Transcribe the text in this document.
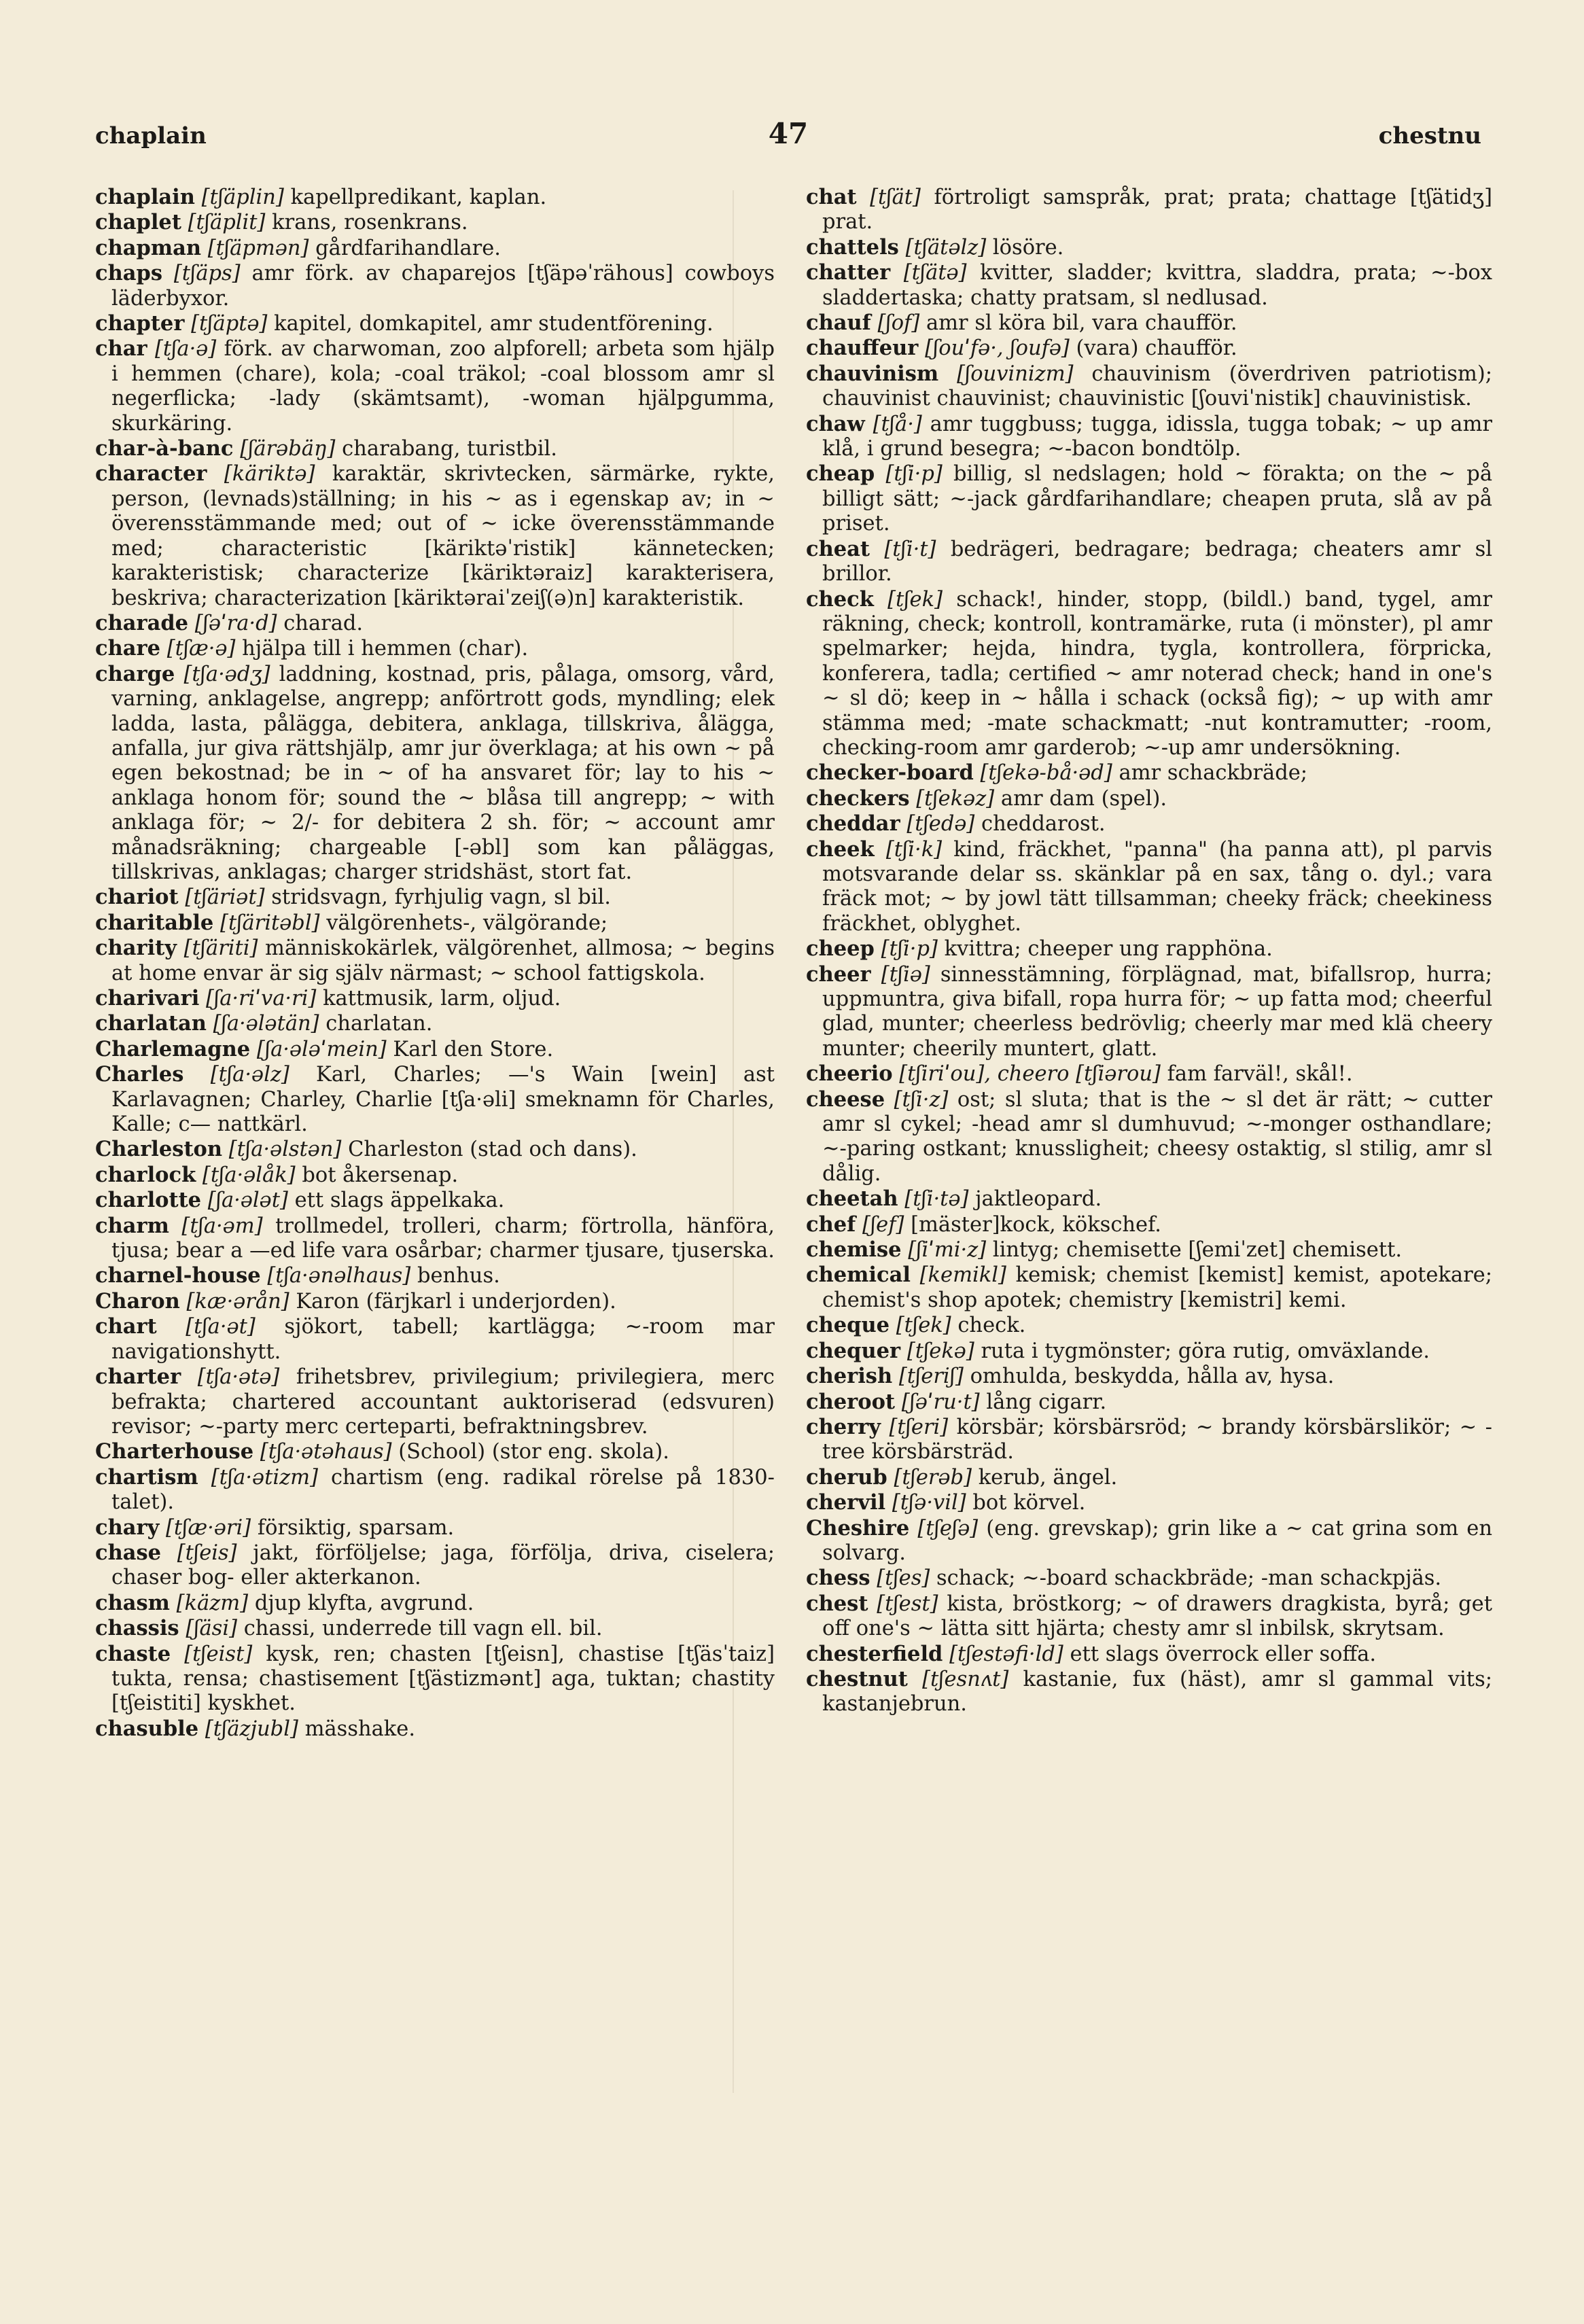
chaplain	47	chestnu

chaplain [tʃäplin] kapellpredikant, kaplan.

chaplet [tʃäplit] krans, rosenkrans.

chapman [tʃäpmən] gårdfarihandlare.

chaps [tʃäps] amr förk. av chaparejos [tʃäpəˈrähous] cowboys läderbyxor.

chapter [tʃäptə] kapitel, domkapitel, amr studentförening.

char [tʃa·ə] förk. av charwoman, zoo alpforell; arbeta som hjälp i hemmen (chare), kola; -coal träkol; -coal blossom amr sl negerflicka; -lady (skämtsamt), -woman hjälpgumma, skurkäring.

char-à-banc [ʃärəbäŋ] charabang, turistbil.

character [käriktə] karaktär, skrivtecken, särmärke, rykte, person, (levnads)ställning; in his ~ as i egenskap av; in ~ överensstämmande med; out of ~ icke överensstämmande med; characteristic [käriktəˈristik] kännetecken; karakteristisk; characterize [käriktəraiz] karakterisera, beskriva; characterization [käriktəraiˈzeiʃ(ə)n] karakteristik.

charade [ʃəˈra·d] charad.

chare [tʃæ·ə] hjälpa till i hemmen (char).

charge [tʃa·ədʒ] laddning, kostnad, pris, pålaga, omsorg, vård, varning, anklagelse, angrepp; anförtrott gods, myndling; elek ladda, lasta, pålägga, debitera, anklaga, tillskriva, ålägga, anfalla, jur giva rättshjälp, amr jur överklaga; at his own ~ på egen bekostnad; be in ~ of ha ansvaret för; lay to his ~ anklaga honom för; sound the ~ blåsa till angrepp; ~ with anklaga för; ~ 2/- for debitera 2 sh. för; ~ account amr månadsräkning; chargeable [-əbl] som kan påläggas, tillskrivas, anklagas; charger stridshäst, stort fat.

chariot [tʃäriət] stridsvagn, fyrhjulig vagn, sl bil.

charitable [tʃäritəbl] välgörenhets-, välgörande;

charity [tʃäriti] människokärlek, välgörenhet, allmosa; ~ begins at home envar är sig själv närmast; ~ school fattigskola.

charivari [ʃa·riˈva·ri] kattmusik, larm, oljud.

charlatan [ʃa·ələtän] charlatan.

Charlemagne [ʃa·ələˈmein] Karl den Store.

Charles [tʃa·əlz] Karl, Charles; —'s Wain [wein] ast Karlavagnen; Charley, Charlie [tʃa·əli] smeknamn för Charles, Kalle; c— nattkärl.

Charleston [tʃa·əlstən] Charleston (stad och dans).

charlock [tʃa·əlåk] bot åkersenap.

charlotte [ʃa·ələt] ett slags äppelkaka.

charm [tʃa·əm] trollmedel, trolleri, charm; förtrolla, hänföra, tjusa; bear a —ed life vara osårbar; charmer tjusare, tjuserska.

charnel-house [tʃa·ənəlhaus] benhus.

Charon [kæ·ərån] Karon (färjkarl i underjorden).

chart [tʃa·ət] sjökort, tabell; kartlägga; ~-room mar navigationshytt.

charter [tʃa·ətə] frihetsbrev, privilegium; privilegiera, merc befrakta; chartered accountant auktoriserad (edsvuren) revisor; ~-party merc certeparti, befraktningsbrev.

Charterhouse [tʃa·ətəhaus] (School) (stor eng. skola).

chartism [tʃa·ətizm] chartism (eng. radikal rörelse på 1830-talet).

chary [tʃæ·əri] försiktig, sparsam.

chase [tʃeis] jakt, förföljelse; jaga, förfölja, driva, ciselera; chaser bog- eller akterkanon.

chasm [käzm] djup klyfta, avgrund.

chassis [ʃäsi] chassi, underrede till vagn ell. bil.

chaste [tʃeist] kysk, ren; chasten [tʃeisn], chastise [tʃäsˈtaiz] tukta, rensa; chastisement [tʃästizmənt] aga, tuktan; chastity [tʃeistiti] kyskhet.

chasuble [tʃäzjubl] mässhake.

chat [tʃät] förtroligt samspråk, prat; prata; chattage [tʃätidʒ] prat.

chattels [tʃätəlz] lösöre.

chatter [tʃätə] kvitter, sladder; kvittra, sladdra, prata; ~-box sladdertaska; chatty pratsam, sl nedlusad.

chauf [ʃof] amr sl köra bil, vara chaufför.

chauffeur [ʃouˈfə·, ʃoufə] (vara) chaufför.

chauvinism [ʃouvinizm] chauvinism (överdriven patriotism); chauvinist chauvinist; chauvinistic [ʃouviˈnistik] chauvinistisk.

chaw [tʃå·] amr tuggbuss; tugga, idissla, tugga tobak; ~ up amr klå, i grund besegra; ~-bacon bondtölp.

cheap [tʃi·p] billig, sl nedslagen; hold ~ förakta; on the ~ på billigt sätt; ~-jack gårdfarihandlare; cheapen pruta, slå av på priset.

cheat [tʃi·t] bedrägeri, bedragare; bedraga; cheaters amr sl brillor.

check [tʃek] schack!, hinder, stopp, (bildl.) band, tygel, amr räkning, check; kontroll, kontramärke, ruta (i mönster), pl amr spelmarker; hejda, hindra, tygla, kontrollera, förpricka, konferera, tadla; certified ~ amr noterad check; hand in one's ~ sl dö; keep in ~ hålla i schack (också fig); ~ up with amr stämma med; -mate schackmatt; -nut kontramutter; -room, checking-room amr garderob; ~-up amr undersökning.

checker-board [tʃekə-bå·əd] amr schackbräde;

checkers [tʃekəz] amr dam (spel).

cheddar [tʃedə] cheddarost.

cheek [tʃi·k] kind, fräckhet, "panna" (ha panna att), pl parvis motsvarande delar ss. skänklar på en sax, tång o. dyl.; vara fräck mot; ~ by jowl tätt tillsamman; cheeky fräck; cheekiness fräckhet, oblyghet.

cheep [tʃi·p] kvittra; cheeper ung rapphöna.

cheer [tʃiə] sinnesstämning, förplägnad, mat, bifallsrop, hurra; uppmuntra, giva bifall, ropa hurra för; ~ up fatta mod; cheerful glad, munter; cheerless bedrövlig; cheerly mar med klä cheery munter; cheerily muntert, glatt.

cheerio [tʃiriˈou], cheero [tʃiərou] fam farväl!, skål!.

cheese [tʃi·z] ost; sl sluta; that is the ~ sl det är rätt; ~ cutter amr sl cykel; -head amr sl dumhuvud; ~-monger osthandlare; ~-paring ostkant; knussligheit; cheesy ostaktig, sl stilig, amr sl dålig.

cheetah [tʃi·tə] jaktleopard.

chef [ʃef] [mäster]kock, kökschef.

chemise [ʃiˈmi·z] lintyg; chemisette [ʃemiˈzet] chemisett.

chemical [kemikl] kemisk; chemist [kemist] kemist, apotekare; chemist's shop apotek; chemistry [kemistri] kemi.

cheque [tʃek] check.

chequer [tʃekə] ruta i tygmönster; göra rutig, omväxlande.

cherish [tʃeriʃ] omhulda, beskydda, hålla av, hysa.

cheroot [ʃəˈru·t] lång cigarr.

cherry [tʃeri] körsbär; körsbärsröd; ~ brandy körsbärslikör; ~ -tree körsbärsträd.

cherub [tʃerəb] kerub, ängel.

chervil [tʃə·vil] bot körvel.

Cheshire [tʃeʃə] (eng. grevskap); grin like a ~ cat grina som en solvarg.

chess [tʃes] schack; ~-board schackbräde; -man schackpjäs.

chest [tʃest] kista, bröstkorg; ~ of drawers dragkista, byrå; get off one's ~ lätta sitt hjärta; chesty amr sl inbilsk, skrytsam.

chesterfield [tʃestəfi·ld] ett slags överrock eller soffa.

chestnut [tʃesnʌt] kastanie, fux (häst), amr sl gammal vits; kastanjebrun.
